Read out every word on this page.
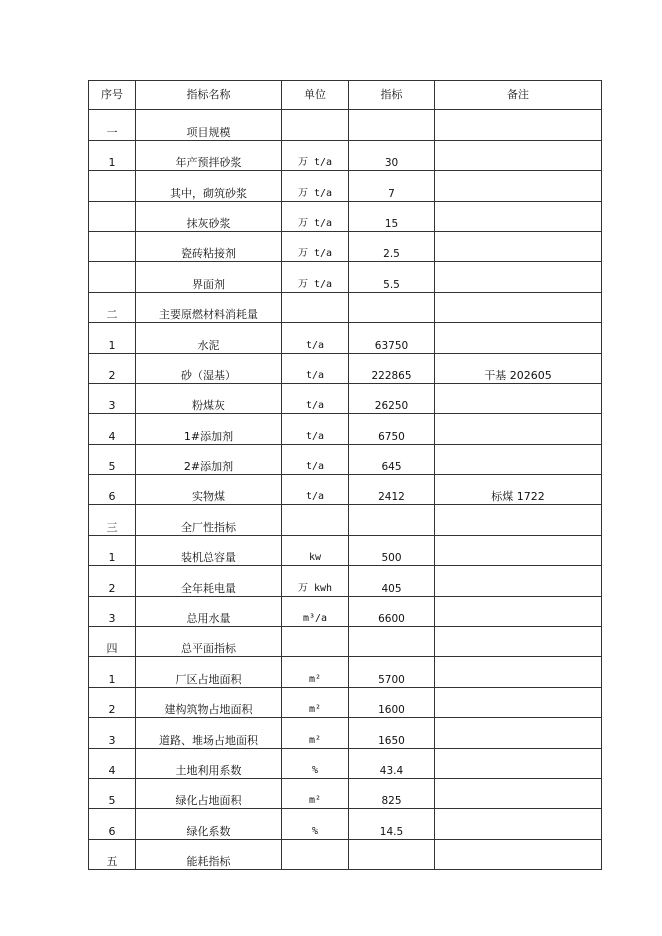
序号	指标名称	单位	指标	备注
一	项目规模			
1	年产预拌砂浆	万 t/a	30	
	其中，砌筑砂浆	万 t/a	7	
	抹灰砂浆	万 t/a	15	
	瓷砖粘接剂	万 t/a	2.5	
	界面剂	万 t/a	5.5	
二	主要原燃材料消耗量			
1	水泥	t/a	63750	
2	砂（湿基）	t/a	222865	干基 202605
3	粉煤灰	t/a	26250	
4	1#添加剂	t/a	6750	
5	2#添加剂	t/a	645	
6	实物煤	t/a	2412	标煤 1722
三	全厂性指标			
1	装机总容量	kw	500	
2	全年耗电量	万 kwh	405	
3	总用水量	m³/a	6600	
四	总平面指标			
1	厂区占地面积	m²	5700	
2	建构筑物占地面积	m²	1600	
3	道路、堆场占地面积	m²	1650	
4	土地利用系数	%	43.4	
5	绿化占地面积	m²	825	
6	绿化系数	%	14.5	
五	能耗指标			
